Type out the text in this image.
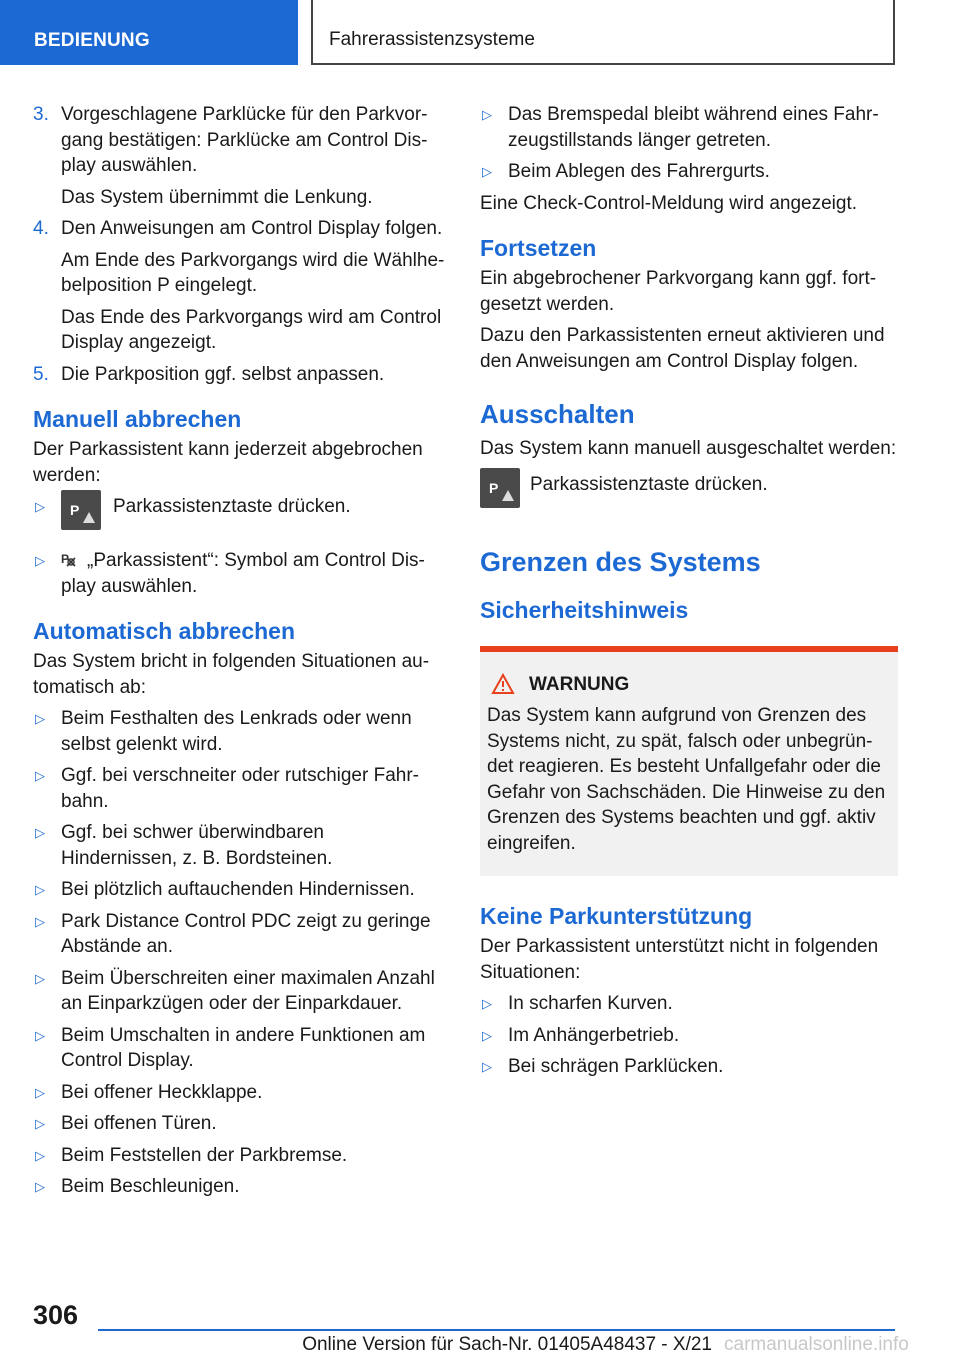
BEDIENUNG	Fahrerassistenzsysteme
3. Vorgeschlagene Parklücke für den Parkvorgang bestätigen: Parklücke am Control Display auswählen.
Das System übernimmt die Lenkung.
4. Den Anweisungen am Control Display folgen.
Am Ende des Parkvorgangs wird die Wählhebelposition P eingelegt.
Das Ende des Parkvorgangs wird am Control Display angezeigt.
5. Die Parkposition ggf. selbst anpassen.
Manuell abbrechen

Der Parkassistent kann jederzeit abgebrochen werden:

▷ P Parkassistenztaste drücken.
▷ P „Parkassistent“: Symbol am Control Display auswählen.
Automatisch abbrechen

Das System bricht in folgenden Situationen automatisch ab:

▷ Beim Festhalten des Lenkrads oder wenn selbst gelenkt wird.
▷ Ggf. bei verschneiter oder rutschiger Fahrbahn.
▷ Ggf. bei schwer überwindbaren Hindernissen, z. B. Bordsteinen.
▷ Bei plötzlich auftauchenden Hindernissen.
▷ Park Distance Control PDC zeigt zu geringe Abstände an.
▷ Beim Überschreiten einer maximalen Anzahl an Einparkzügen oder der Einparkdauer.
▷ Beim Umschalten in andere Funktionen am Control Display.
▷ Bei offener Heckklappe.
▷ Bei offenen Türen.
▷ Beim Feststellen der Parkbremse.
▷ Beim Beschleunigen.
▷ Das Bremspedal bleibt während eines Fahrzeugstillstands länger getreten.
▷ Beim Ablegen des Fahrergurts.

Eine Check-Control-Meldung wird angezeigt.

Fortsetzen

Ein abgebrochener Parkvorgang kann ggf. fortgesetzt werden.

Dazu den Parkassistenten erneut aktivieren und den Anweisungen am Control Display folgen.

Ausschalten

Das System kann manuell ausgeschaltet werden:

P Parkassistenztaste drücken.
Grenzen des Systems
Sicherheitshinweis
WARNUNG
Das System kann aufgrund von Grenzen des Systems nicht, zu spät, falsch oder unbegründet reagieren. Es besteht Unfallgefahr oder die Gefahr von Sachschäden. Die Hinweise zu den Grenzen des Systems beachten und ggf. aktiv eingreifen.
Keine Parkunterstützung

Der Parkassistent unterstützt nicht in folgenden Situationen:

▷ In scharfen Kurven.
▷ Im Anhängerbetrieb.
▷ Bei schrägen Parklücken.
306
Online Version für Sach-Nr. 01405A48437 - X/21 carmanualsonline.info
